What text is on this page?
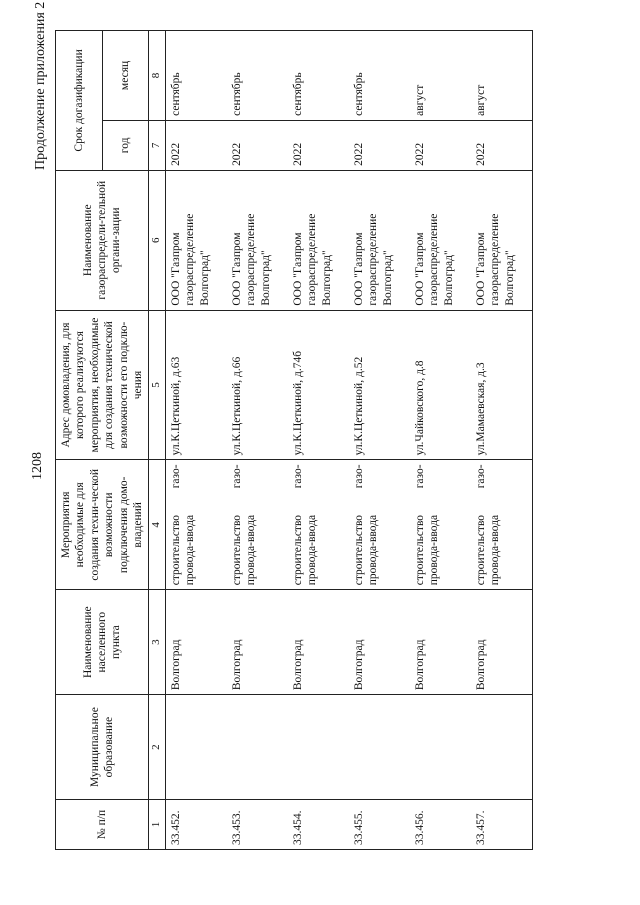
1208
Продолжение приложения 2
№ п/п	Муниципальное образование	Наименование населенного пункта	Мероприятия необходимые для создания техни-ческой возможности подключения домо-владений	Адрес домовладения, для которого реализуются мероприятия, необходимые для создания технической возможности его подклю-чения	Наименование газораспредели-тельной органи-зации	Срок догазификации	
						год	месяц
1	2	3	4	5	6	7	8
33.452.		Волгоград	строительство газо-провода-ввода	ул.К.Цеткиной, д.63	ООО "Газпром газораспределение Волгоград"	2022	сентябрь
33.453.		Волгоград	строительство газо-провода-ввода	ул.К.Цеткиной, д.66	ООО "Газпром газораспределение Волгоград"	2022	сентябрь
33.454.		Волгоград	строительство газо-провода-ввода	ул.К.Цеткиной, д.74б	ООО "Газпром газораспределение Волгоград"	2022	сентябрь
33.455.		Волгоград	строительство газо-провода-ввода	ул.К.Цеткиной, д.52	ООО "Газпром газораспределение Волгоград"	2022	сентябрь
33.456.		Волгоград	строительство газо-провода-ввода	ул.Чайковского, д.8	ООО "Газпром газораспределение Волгоград"	2022	август
33.457.		Волгоград	строительство газо-провода-ввода	ул.Мамаевская, д.3	ООО "Газпром газораспределение Волгоград"	2022	август
